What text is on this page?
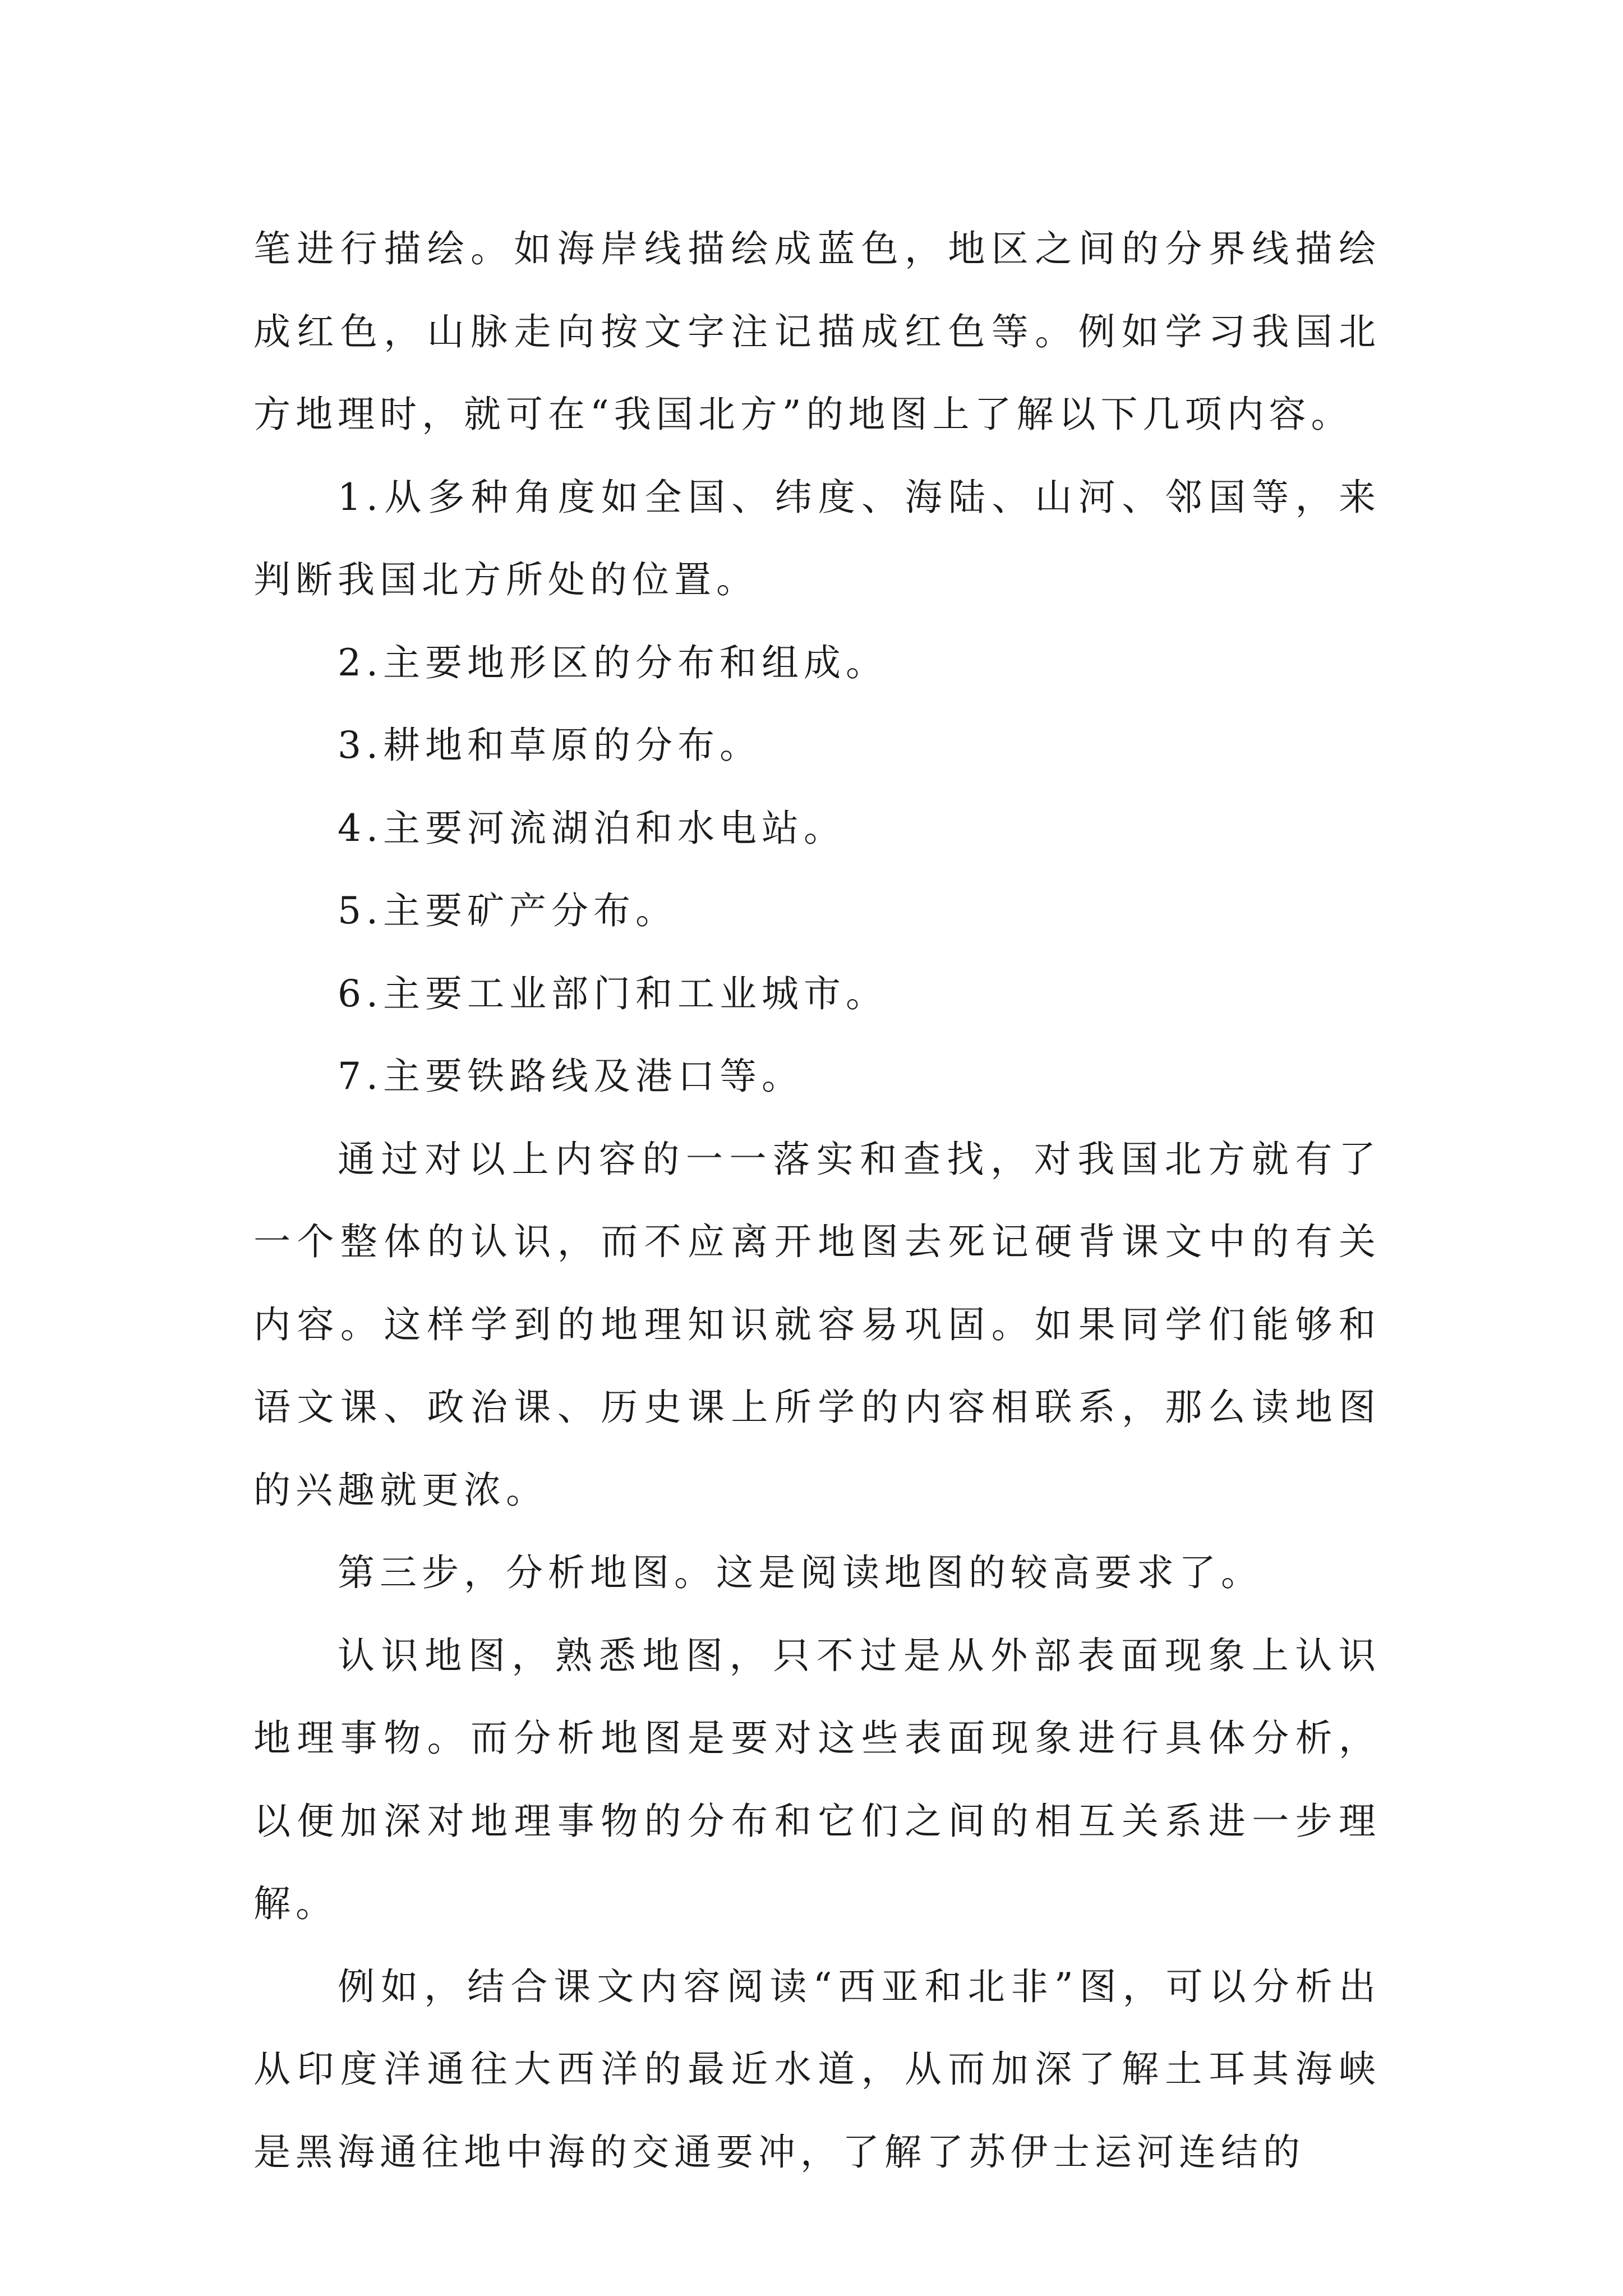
笔进行描绘。如海岸线描绘成蓝色，地区之间的分界线描绘成红色，山脉走向按文字注记描成红色等。例如学习我国北方地理时，就可在“我国北方”的地图上了解以下几项内容。

1.从多种角度如全国、纬度、海陆、山河、邻国等，来判断我国北方所处的位置。

2.主要地形区的分布和组成。

3.耕地和草原的分布。

4.主要河流湖泊和水电站。

5.主要矿产分布。

6.主要工业部门和工业城市。

7.主要铁路线及港口等。

通过对以上内容的一一落实和查找，对我国北方就有了一个整体的认识，而不应离开地图去死记硬背课文中的有关内容。这样学到的地理知识就容易巩固。如果同学们能够和语文课、政治课、历史课上所学的内容相联系，那么读地图的兴趣就更浓。

第三步，分析地图。这是阅读地图的较高要求了。

认识地图，熟悉地图，只不过是从外部表面现象上认识地理事物。而分析地图是要对这些表面现象进行具体分析，以便加深对地理事物的分布和它们之间的相互关系进一步理解。

例如，结合课文内容阅读“西亚和北非”图，可以分析出从印度洋通往大西洋的最近水道，从而加深了解土耳其海峡是黑海通往地中海的交通要冲，了解了苏伊士运河连结的
